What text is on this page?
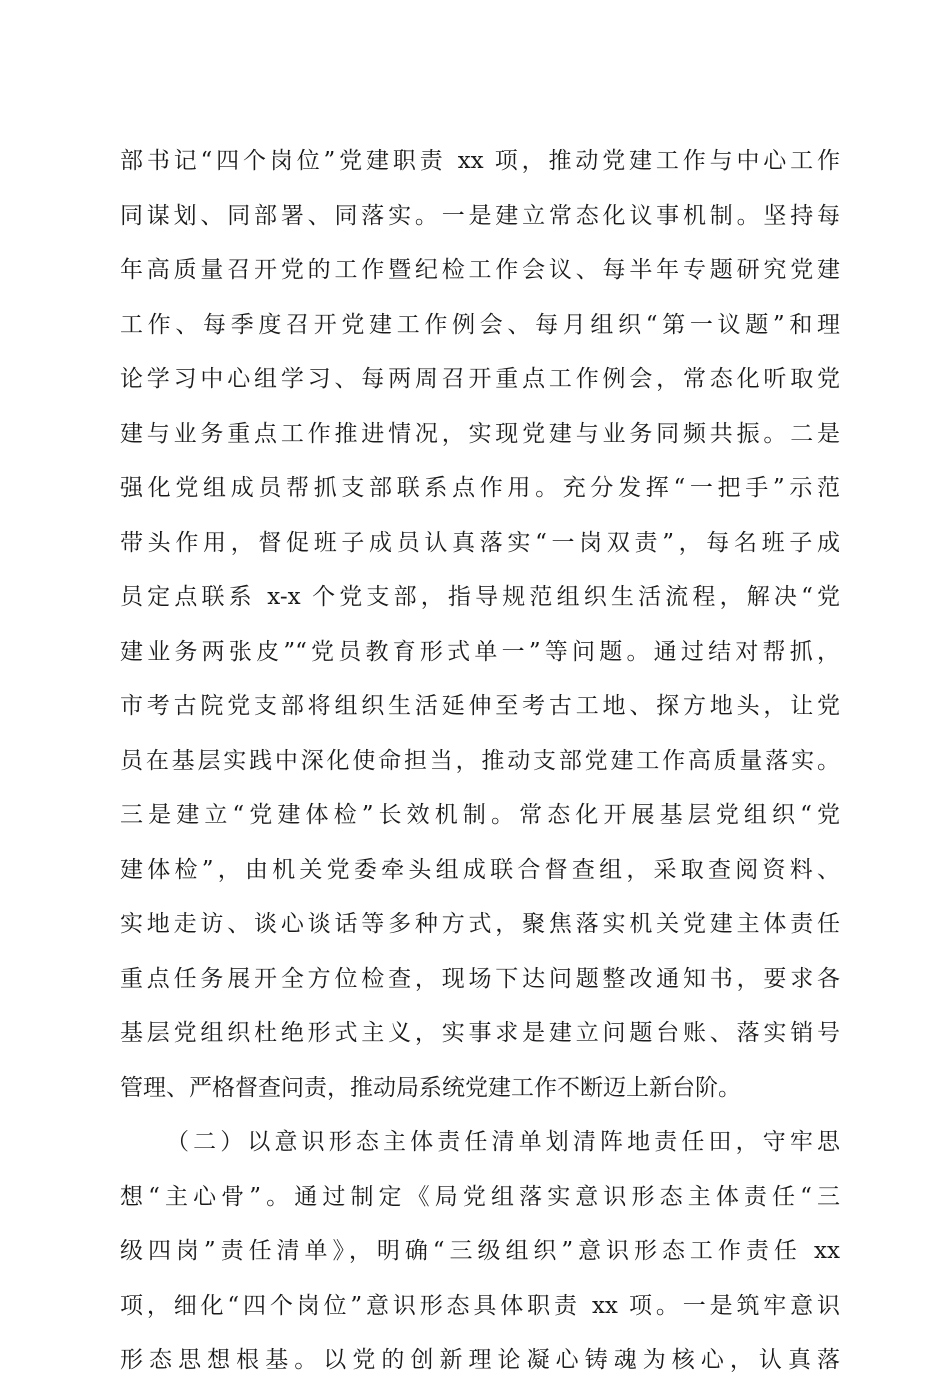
部书记“四个岗位”党建职责 xx 项，推动党建工作与中心工作
同谋划、同部署、同落实。一是建立常态化议事机制。坚持每
年高质量召开党的工作暨纪检工作会议、每半年专题研究党建
工作、每季度召开党建工作例会、每月组织“第一议题”和理
论学习中心组学习、每两周召开重点工作例会，常态化听取党
建与业务重点工作推进情况，实现党建与业务同频共振。二是
强化党组成员帮抓支部联系点作用。充分发挥“一把手”示范
带头作用，督促班子成员认真落实“一岗双责”，每名班子成
员定点联系 x-x 个党支部，指导规范组织生活流程，解决“党
建业务两张皮”“党员教育形式单一”等问题。通过结对帮抓，
市考古院党支部将组织生活延伸至考古工地、探方地头，让党
员在基层实践中深化使命担当，推动支部党建工作高质量落实。
三是建立“党建体检”长效机制。常态化开展基层党组织“党
建体检”，由机关党委牵头组成联合督查组，采取查阅资料、
实地走访、谈心谈话等多种方式，聚焦落实机关党建主体责任
重点任务展开全方位检查，现场下达问题整改通知书，要求各
基层党组织杜绝形式主义，实事求是建立问题台账、落实销号
管理、严格督查问责，推动局系统党建工作不断迈上新台阶。
（二）以意识形态主体责任清单划清阵地责任田，守牢思
想“主心骨”。通过制定《局党组落实意识形态主体责任“三
级四岗”责任清单》，明确“三级组织”意识形态工作责任 xx
项，细化“四个岗位”意识形态具体职责 xx 项。一是筑牢意识
形态思想根基。以党的创新理论凝心铸魂为核心，认真落
